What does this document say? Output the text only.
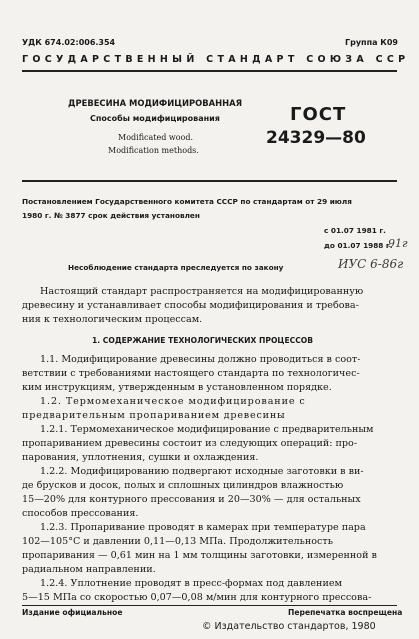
УДК 674.02:006.354	Группа К09
ГОСУДАРСТВЕННЫЙ СТАНДАРТ СОЮЗА ССР
ДРЕВЕСИНА МОДИФИЦИРОВАННАЯ
Способы модифицирования
Modificated wood.
Modification methods.
ГОСТ
24329—80
Постановлением Государственного комитета СССР по стандартам от 29 июля
1980 г. № 3877 срок действия установлен
с 01.07 1981 г.
до 01.07 1988 г.
91г
Несоблюдение стандарта преследуется по закону	ИУС 6-86г

Настоящий стандарт распространяется на модифицированную

древесину и устанавливает способы модифицирования и требова-

ния к технологическим процессам.

1. СОДЕРЖАНИЕ ТЕХНОЛОГИЧЕСКИХ ПРОЦЕССОВ

1.1. Модифицирование древесины должно проводиться в соот-

ветствии с требованиями настоящего стандарта по технологичес-

ким инструкциям, утвержденным в установленном порядке.

1.2. Термомеханическое модифицирование с

предварительным пропариванием древесины

1.2.1. Термомеханическое модифицирование с предварительным

пропариванием древесины состоит из следующих операций: про-

парования, уплотнения, сушки и охлаждения.

1.2.2. Модифицированию подвергают исходные заготовки в ви-

де брусков и досок, полых и сплошных цилиндров влажностью

15—20% для контурного прессования и 20—30% — для остальных

способов прессования.

1.2.3. Пропаривание проводят в камерах при температуре пара

102—105°С и давлении 0,11—0,13 МПа. Продолжительность

пропаривания — 0,61 мин на 1 мм толщины заготовки, измеренной в

радиальном направлении.

1.2.4. Уплотнение проводят в пресс-формах под давлением

5—15 МПа со скоростью 0,07—0,08 м/мин для контурного прессова-

Издание официальное	Перепечатка воспрещена
© Издательство стандартов, 1980
